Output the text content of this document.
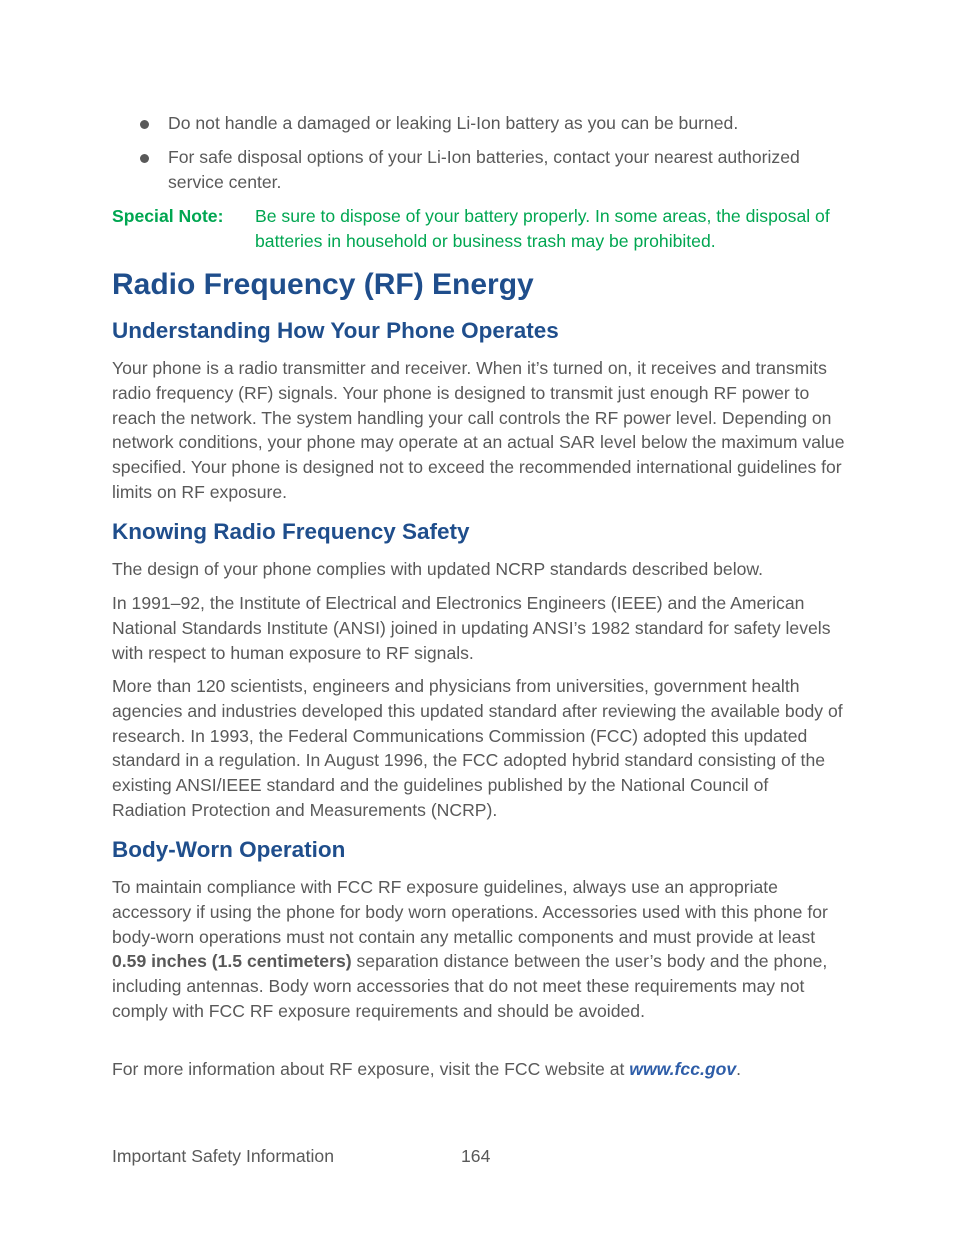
Do not handle a damaged or leaking Li-Ion battery as you can be burned.
For safe disposal options of your Li-Ion batteries, contact your nearest authorized service center.
Special Note: Be sure to dispose of your battery properly. In some areas, the disposal of batteries in household or business trash may be prohibited.
Radio Frequency (RF) Energy
Understanding How Your Phone Operates

Your phone is a radio transmitter and receiver. When it’s turned on, it receives and transmits radio frequency (RF) signals. Your phone is designed to transmit just enough RF power to reach the network. The system handling your call controls the RF power level. Depending on network conditions, your phone may operate at an actual SAR level below the maximum value specified. Your phone is designed not to exceed the recommended international guidelines for limits on RF exposure.

Knowing Radio Frequency Safety

The design of your phone complies with updated NCRP standards described below.

In 1991–92, the Institute of Electrical and Electronics Engineers (IEEE) and the American National Standards Institute (ANSI) joined in updating ANSI’s 1982 standard for safety levels with respect to human exposure to RF signals.

More than 120 scientists, engineers and physicians from universities, government health agencies and industries developed this updated standard after reviewing the available body of research. In 1993, the Federal Communications Commission (FCC) adopted this updated standard in a regulation. In August 1996, the FCC adopted hybrid standard consisting of the existing ANSI/IEEE standard and the guidelines published by the National Council of Radiation Protection and Measurements (NCRP).

Body-Worn Operation

To maintain compliance with FCC RF exposure guidelines, always use an appropriate accessory if using the phone for body worn operations. Accessories used with this phone for body-worn operations must not contain any metallic components and must provide at least 0.59 inches (1.5 centimeters) separation distance between the user’s body and the phone, including antennas. Body worn accessories that do not meet these requirements may not comply with FCC RF exposure requirements and should be avoided.

For more information about RF exposure, visit the FCC website at www.fcc.gov.

Important Safety Information	164
